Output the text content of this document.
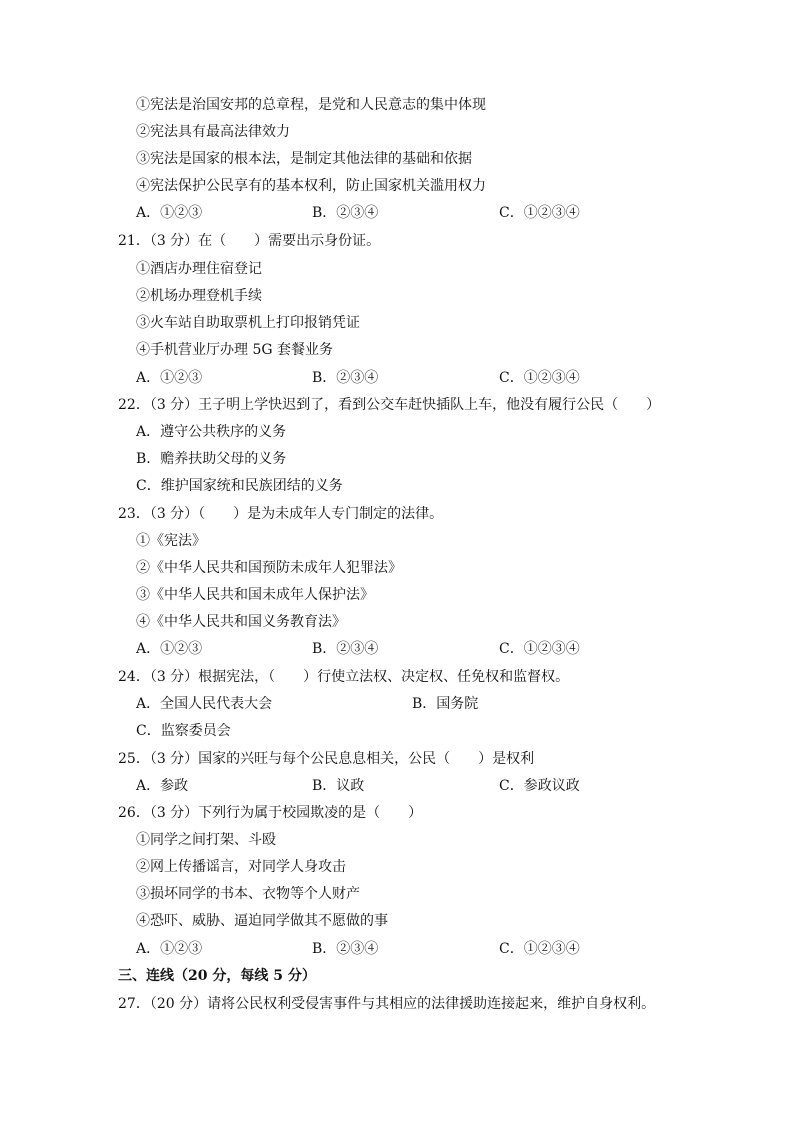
①宪法是治国安邦的总章程，是党和人民意志的集中体现
②宪法具有最高法律效力
③宪法是国家的根本法，是制定其他法律的基础和依据
④宪法保护公民享有的基本权利，防止国家机关滥用权力
A．①②③	B．②③④	C．①②③④
21．（3 分）在（　　）需要出示身份证。
①酒店办理住宿登记
②机场办理登机手续
③火车站自助取票机上打印报销凭证
④手机营业厅办理 5G 套餐业务
A．①②③	B．②③④	C．①②③④
22．（3 分）王子明上学快迟到了，看到公交车赶快插队上车，他没有履行公民（　　）
A．遵守公共秩序的义务
B．赡养扶助父母的义务
C．维护国家统和民族团结的义务
23．（3 分）（　　）是为未成年人专门制定的法律。
①《宪法》
②《中华人民共和国预防未成年人犯罪法》
③《中华人民共和国未成年人保护法》
④《中华人民共和国义务教育法》
A．①②③	B．②③④	C．①②③④
24．（3 分）根据宪法，（　　）行使立法权、决定权、任免权和监督权。
A．全国人民代表大会	B．国务院
C．监察委员会
25．（3 分）国家的兴旺与每个公民息息相关，公民（　　）是权利
A．参政	B．议政	C．参政议政
26．（3 分）下列行为属于校园欺凌的是（　　）
①同学之间打架、斗殴
②网上传播谣言，对同学人身攻击
③损坏同学的书本、衣物等个人财产
④恐吓、威胁、逼迫同学做其不愿做的事
A．①②③	B．②③④	C．①②③④
三、连线（20 分，每线 5 分）
27．（20 分）请将公民权利受侵害事件与其相应的法律援助连接起来，维护自身权利。
